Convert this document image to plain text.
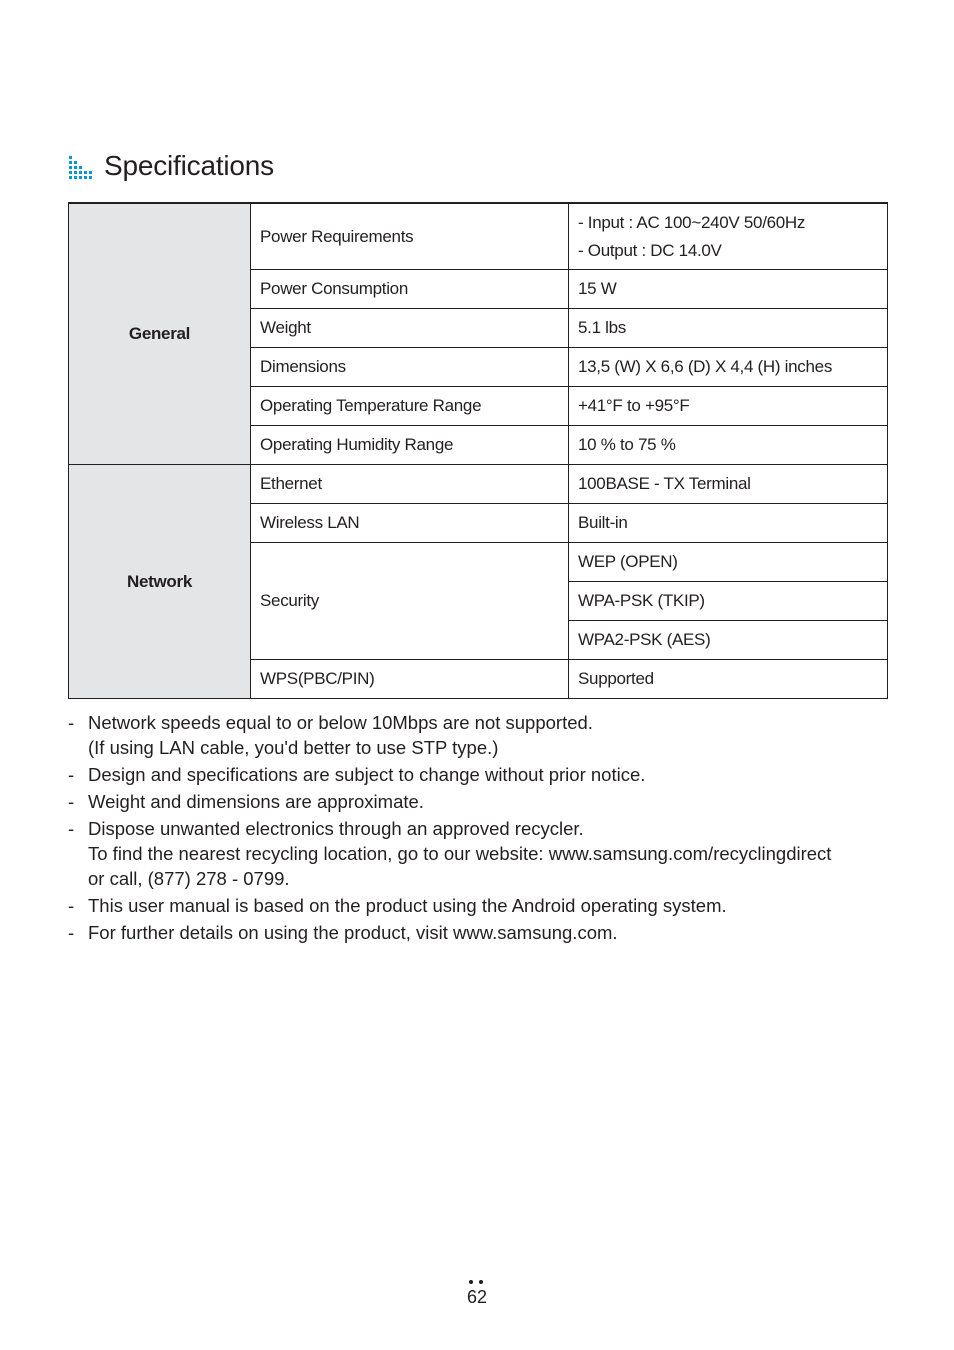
Specifications
General	Power Requirements	- Input : AC 100~240V 50/60Hz
- Output : DC 14.0V

	Power Consumption	15 W
	Weight	5.1 lbs
	Dimensions	13,5 (W) X 6,6 (D) X 4,4 (H) inches
	Operating Temperature Range	+41°F to +95°F
	Operating Humidity Range	10 % to 75 %
Network	Ethernet	100BASE - TX Terminal
	Wireless LAN	Built-in
	Security	WEP (OPEN)
		WPA-PSK (TKIP)
		WPA2-PSK (AES)
	WPS(PBC/PIN)	Supported
- Network speeds equal to or below 10Mbps are not supported.
(If using LAN cable, you'd better to use STP type.)
- Design and specifications are subject to change without prior notice.
- Weight and dimensions are approximate.
- Dispose unwanted electronics through an approved recycler.
To find the nearest recycling location, go to our website: www.samsung.com/recyclingdirect
or call, (877) 278 - 0799.
- This user manual is based on the product using the Android operating system.
- For further details on using the product, visit www.samsung.com.
62
